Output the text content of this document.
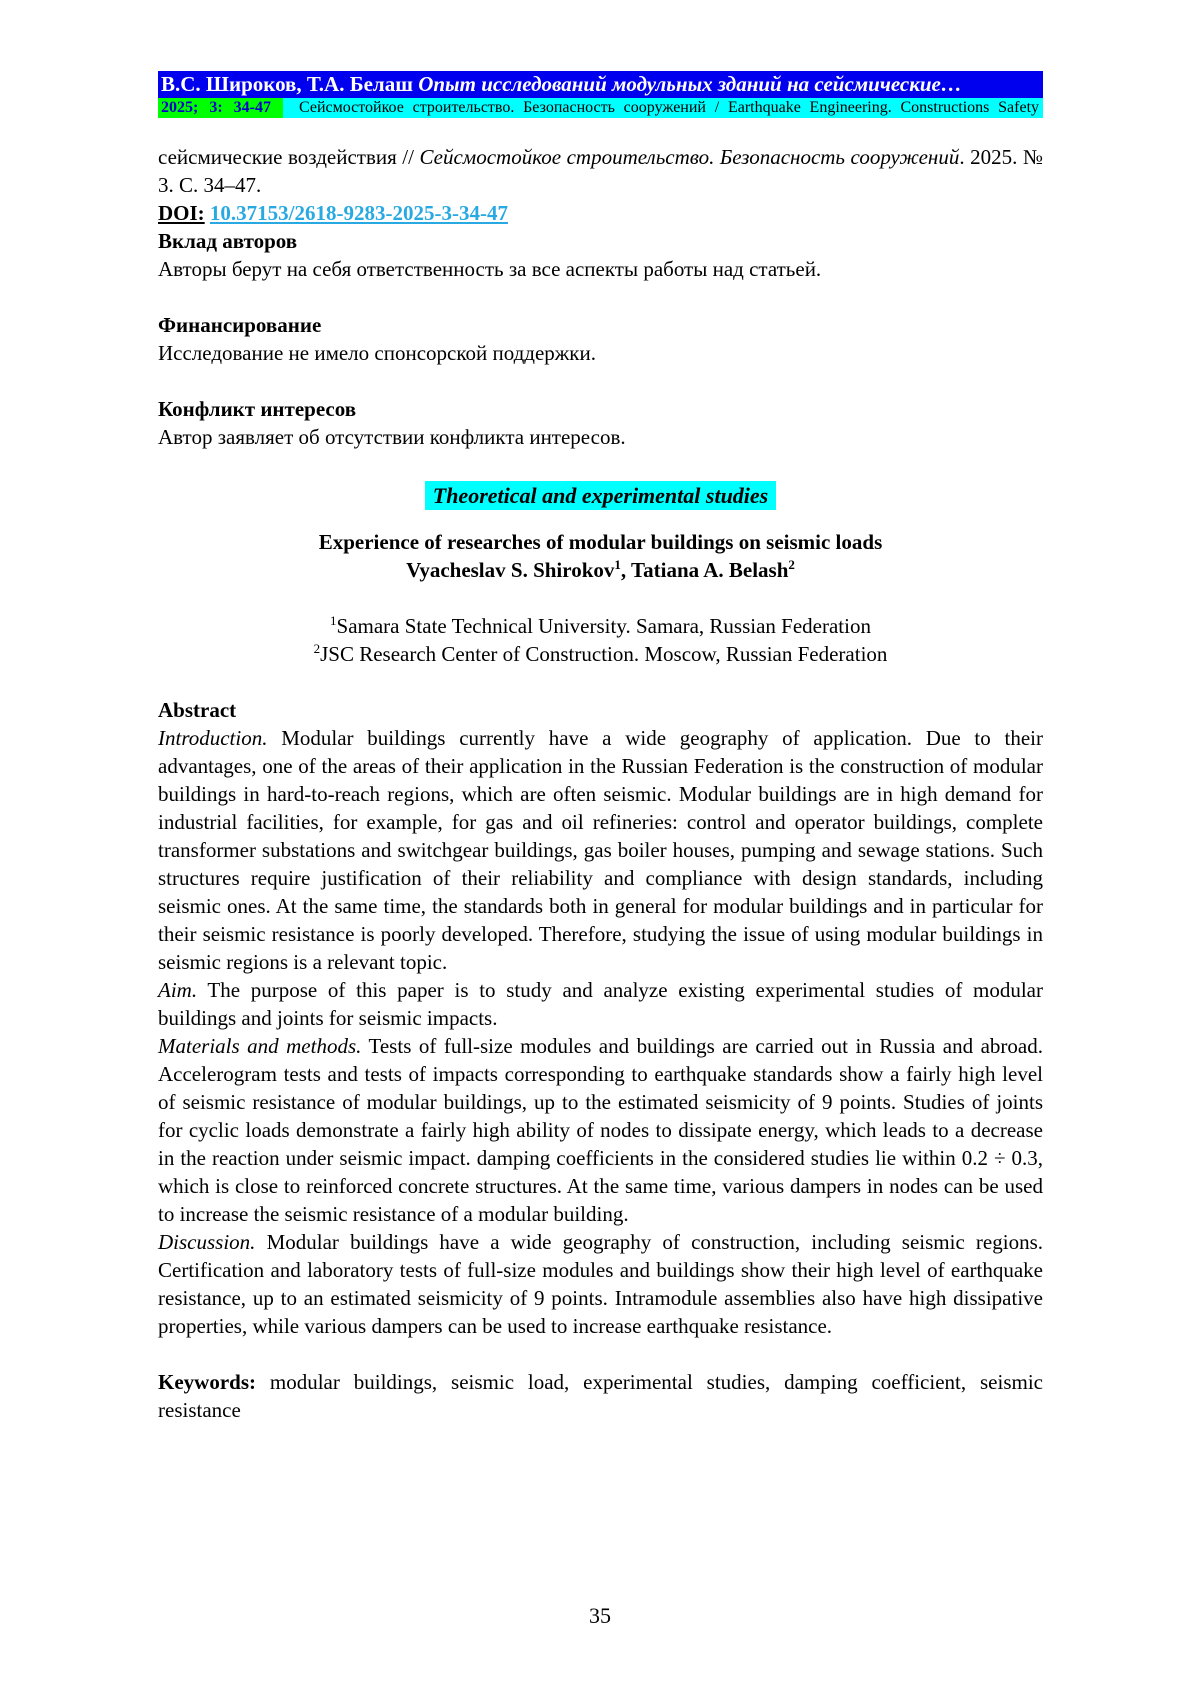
В.С. Широков, Т.А. Белаш Опыт исследований модульных зданий на сейсмические…
2025; 3: 34-47	Сейсмостойкое строительство. Безопасность сооружений / Earthquake Engineering. Constructions Safety
сейсмические воздействия // Сейсмостойкое строительство. Безопасность сооружений. 2025. № 3. С. 34–47.
DOI: 10.37153/2618-9283-2025-3-34-47
Вклад авторов
Авторы берут на себя ответственность за все аспекты работы над статьей.
Финансирование
Исследование не имело спонсорской поддержки.
Конфликт интересов
Автор заявляет об отсутствии конфликта интересов.
Theoretical and experimental studies
Experience of researches of modular buildings on seismic loads
Vyacheslav S. Shirokov$^1$, Tatiana A. Belash$^2$
$^1$Samara State Technical University. Samara, Russian Federation
$^2$JSC Research Center of Construction. Moscow, Russian Federation
Abstract
Introduction. Modular buildings currently have a wide geography of application. Due to their advantages, one of the areas of their application in the Russian Federation is the construction of modular buildings in hard-to-reach regions, which are often seismic. Modular buildings are in high demand for industrial facilities, for example, for gas and oil refineries: control and operator buildings, complete transformer substations and switchgear buildings, gas boiler houses, pumping and sewage stations. Such structures require justification of their reliability and compliance with design standards, including seismic ones. At the same time, the standards both in general for modular buildings and in particular for their seismic resistance is poorly developed. Therefore, studying the issue of using modular buildings in seismic regions is a relevant topic.
Aim. The purpose of this paper is to study and analyze existing experimental studies of modular buildings and joints for seismic impacts.
Materials and methods. Tests of full-size modules and buildings are carried out in Russia and abroad. Accelerogram tests and tests of impacts corresponding to earthquake standards show a fairly high level of seismic resistance of modular buildings, up to the estimated seismicity of 9 points. Studies of joints for cyclic loads demonstrate a fairly high ability of nodes to dissipate energy, which leads to a decrease in the reaction under seismic impact. damping coefficients in the considered studies lie within 0.2 ÷ 0.3, which is close to reinforced concrete structures. At the same time, various dampers in nodes can be used to increase the seismic resistance of a modular building.
Discussion. Modular buildings have a wide geography of construction, including seismic regions. Certification and laboratory tests of full-size modules and buildings show their high level of earthquake resistance, up to an estimated seismicity of 9 points. Intramodule assemblies also have high dissipative properties, while various dampers can be used to increase earthquake resistance.
Keywords: modular buildings, seismic load, experimental studies, damping coefficient, seismic resistance
35
